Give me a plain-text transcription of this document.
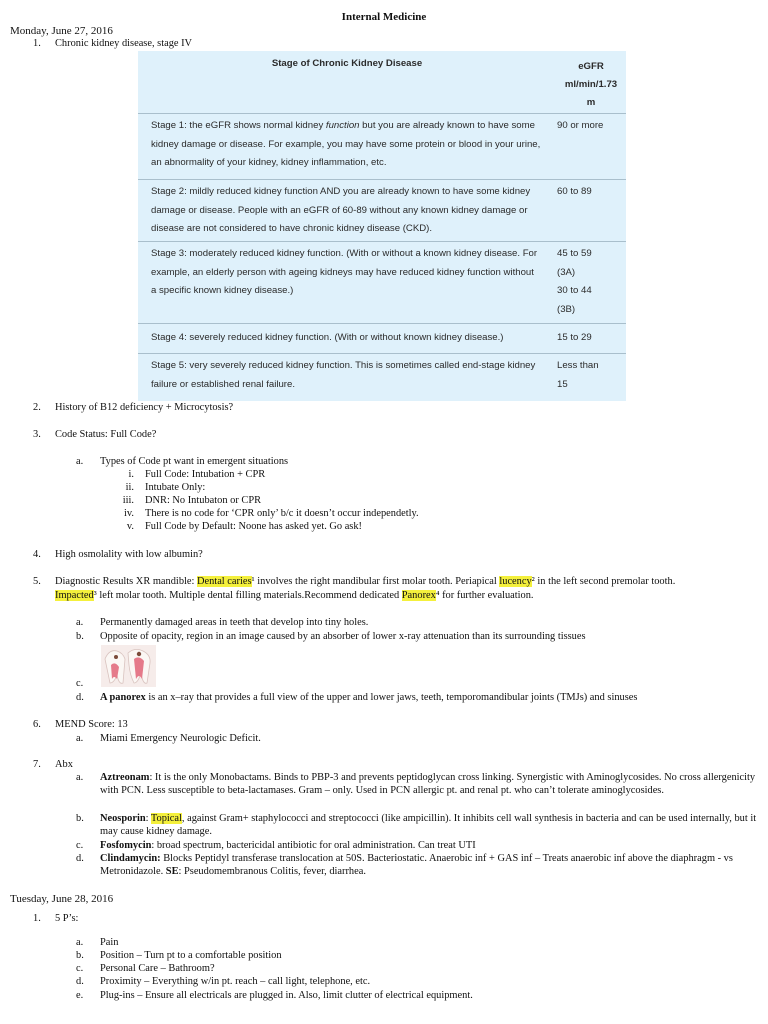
Internal Medicine
Monday, June 27, 2016
1. Chronic kidney disease, stage IV
Stage of Chronic Kidney Disease	eGFR
ml/min/1.73
m
Stage 1: the eGFR shows normal kidney function but you are already known to have some kidney damage or disease. For example, you may have some protein or blood in your urine, an abnormality of your kidney, kidney inflammation, etc.
90 or more
Stage 2: mildly reduced kidney function AND you are already known to have some kidney damage or disease. People with an eGFR of 60-89 without any known kidney damage or disease are not considered to have chronic kidney disease (CKD).
60 to 89
Stage 3: moderately reduced kidney function. (With or without a known kidney disease. For example, an elderly person with ageing kidneys may have reduced kidney function without a specific known kidney disease.)
45 to 59
(3A)
30 to 44
(3B)
Stage 5: very severely reduced kidney function. This is sometimes called end-stage kidney failure or established renal failure.
Less than
15
Stage 4: severely reduced kidney function. (With or without known kidney disease.)	15 to 29
2. History of B12 deficiency + Microcytosis?
3. Code Status: Full Code?
a. Types of Code pt want in emergent situations
i. Full Code: Intubation + CPR
ii. Intubate Only:
iii. DNR: No Intubaton or CPR
iv. There is no code for ‘CPR only’ b/c it doesn’t occur independetly.
v. Full Code by Default: Noone has asked yet. Go ask!
4. High osmolality with low albumin?
5. Diagnostic Results XR mandible: Dental caries¹ involves the right mandibular first molar tooth. Periapical lucency² in the left second premolar tooth.
Impacted³ left molar tooth. Multiple dental filling materials.Recommend dedicated Panorex⁴ for further evaluation.
a. Permanently damaged areas in teeth that develop into tiny holes.
b. Opposite of opacity, region in an image caused by an absorber of lower x-ray attenuation than its surrounding tissues
c.
d. A panorex is an x–ray that provides a full view of the upper and lower jaws, teeth, temporomandibular joints (TMJs) and sinuses
6. MEND Score: 13
a. Miami Emergency Neurologic Deficit.
7. Abx
a. Aztreonam: It is the only Monobactams. Binds to PBP-3 and prevents peptidoglycan cross linking. Synergistic with Aminoglycosides. No cross allergenicity with PCN. Less susceptible to beta-lactamases. Gram – only. Used in PCN allergic pt. and renal pt. who can’t tolerate aminoglycosides.
b. Neosporin: Topical, against Gram+ staphylococci and streptococci (like ampicillin). It inhibits cell wall synthesis in bacteria and can be used internally, but it may cause kidney damage.
c. Fosfomycin: broad spectrum, bactericidal antibiotic for oral administration. Can treat UTI
d. Clindamycin: Blocks Peptidyl transferase translocation at 50S. Bacteriostatic. Anaerobic inf + GAS inf – Treats anaerobic inf above the diaphragm - vs Metronidazole. SE: Pseudomembranous Colitis, fever, diarrhea.
Tuesday, June 28, 2016
1. 5 P’s:
a. Pain
b. Position – Turn pt to a comfortable position
c. Personal Care – Bathroom?
d. Proximity – Everything w/in pt. reach – call light, telephone, etc.
e. Plug-ins – Ensure all electricals are plugged in. Also, limit clutter of electrical equipment.
